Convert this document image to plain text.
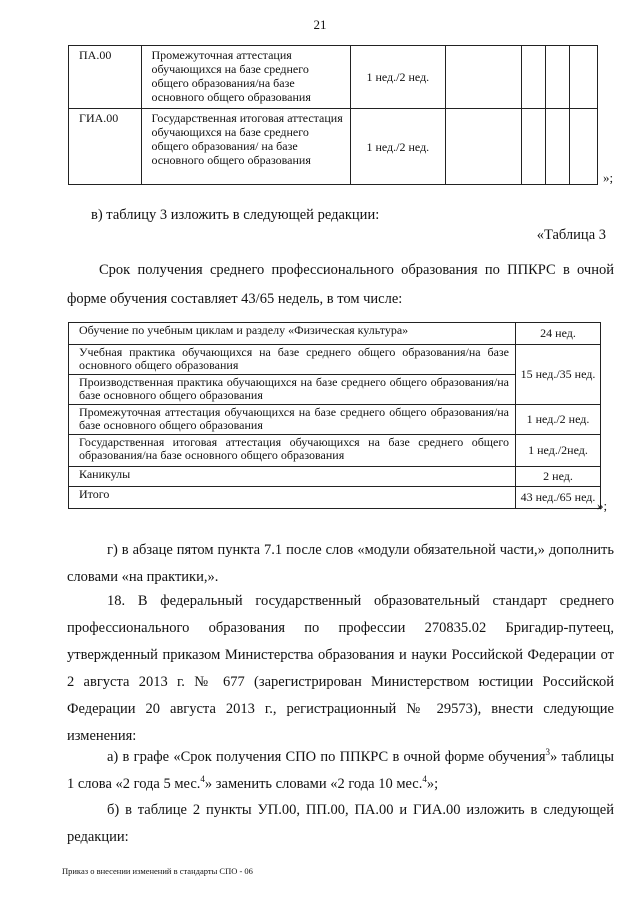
21
ПА.00	Промежуточная аттестация обучающихся на базе среднего общего образования/на базе основного общего образования	1 нед./2 нед.				
ГИА.00	Государственная итоговая аттестация обучающихся на базе среднего общего образования/ на базе основного общего образования	1 нед./2 нед.				
»;
в) таблицу 3 изложить в следующей редакции:
«Таблица 3
Срок получения среднего профессионального образования по ППКРС в очной форме обучения составляет 43/65 недель, в том числе:
Обучение по учебным циклам и разделу «Физическая культура»	24 нед.
Учебная практика обучающихся на базе среднего общего образования/на базе основного общего образования	15 нед./35 нед.
Производственная практика обучающихся на базе среднего общего образования/на базе основного общего образования	
Промежуточная аттестация обучающихся на базе среднего общего образования/на базе основного общего образования	1 нед./2 нед.
Государственная итоговая аттестация обучающихся на базе среднего общего образования/на базе основного общего образования	1 нед./2нед.
Каникулы	2 нед.
Итого	43 нед./65 нед.
»;
г) в абзаце пятом пункта 7.1 после слов «модули обязательной части,» дополнить словами «на практики,».
18. В федеральный государственный образовательный стандарт среднего профессионального образования по профессии 270835.02 Бригадир-путеец, утвержденный приказом Министерства образования и науки Российской Федерации от 2 августа 2013 г. № 677 (зарегистрирован Министерством юстиции Российской Федерации 20 августа 2013 г., регистрационный № 29573), внести следующие изменения:
а) в графе «Срок получения СПО по ППКРС в очной форме обучения$^3$» таблицы 1 слова «2 года 5 мес.$^4$» заменить словами «2 года 10 мес.$^4$»;
б) в таблице 2 пункты УП.00, ПП.00, ПА.00 и ГИА.00 изложить в следующей редакции:
Приказ о внесении изменений в стандарты СПО - 06
